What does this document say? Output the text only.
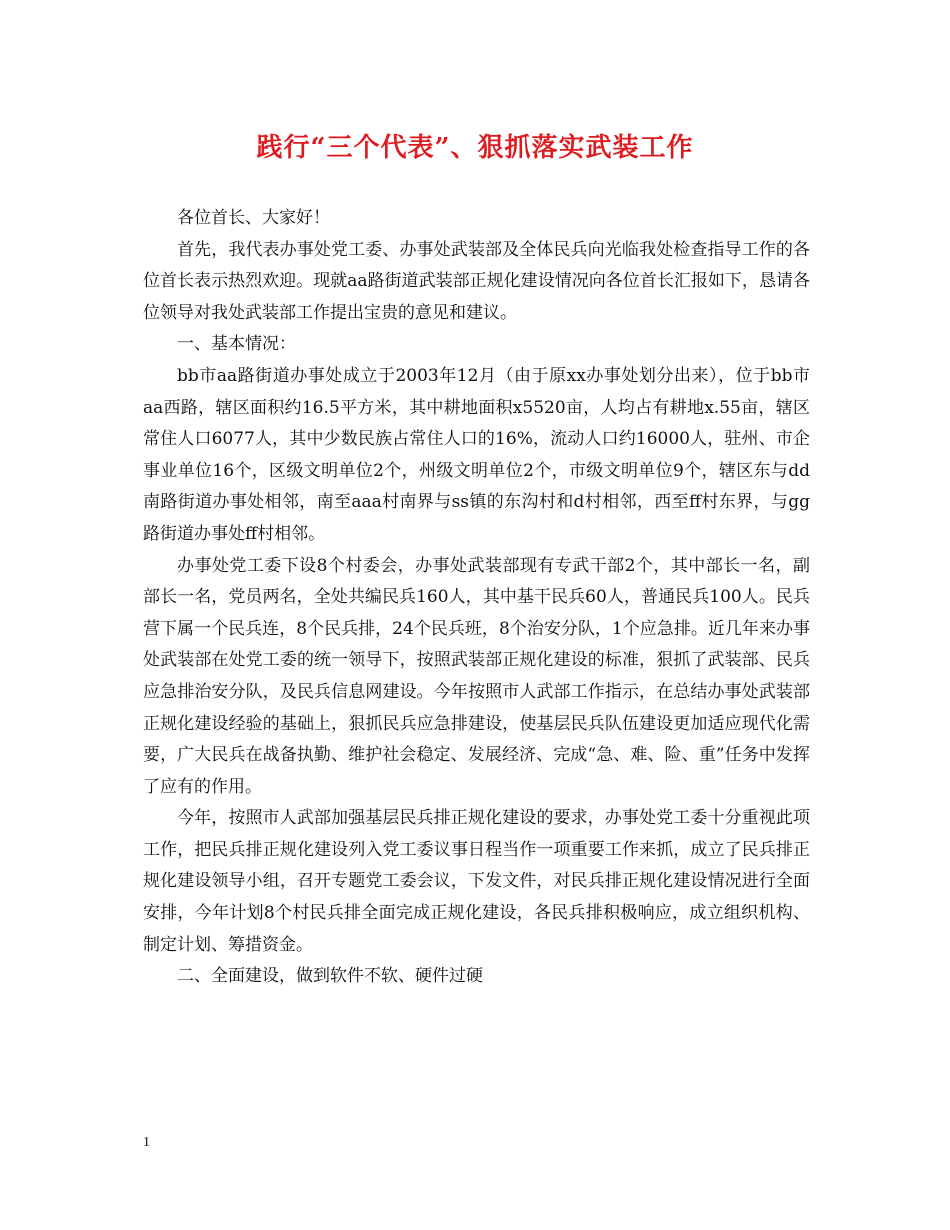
践行“三个代表”、狠抓落实武装工作

各位首长、大家好！

首先，我代表办事处党工委、办事处武装部及全体民兵向光临我处检查指导工作的各位首长表示热烈欢迎。现就aa路街道武装部正规化建设情况向各位首长汇报如下，恳请各位领导对我处武装部工作提出宝贵的意见和建议。

一、基本情况：

bb市aa路街道办事处成立于2003年12月（由于原xx办事处划分出来），位于bb市aa西路，辖区面积约16.5平方米，其中耕地面积x5520亩，人均占有耕地x.55亩，辖区常住人口6077人，其中少数民族占常住人口的16%，流动人口约16000人，驻州、市企事业单位16个，区级文明单位2个，州级文明单位2个，市级文明单位9个，辖区东与dd南路街道办事处相邻，南至aaa村南界与ss镇的东沟村和d村相邻，西至ff村东界，与gg路街道办事处ff村相邻。

办事处党工委下设8个村委会，办事处武装部现有专武干部2个，其中部长一名，副部长一名，党员两名，全处共编民兵160人，其中基干民兵60人，普通民兵100人。民兵营下属一个民兵连，8个民兵排，24个民兵班，8个治安分队，1个应急排。近几年来办事处武装部在处党工委的统一领导下，按照武装部正规化建设的标准，狠抓了武装部、民兵应急排治安分队，及民兵信息网建设。今年按照市人武部工作指示，在总结办事处武装部正规化建设经验的基础上，狠抓民兵应急排建设，使基层民兵队伍建设更加适应现代化需要，广大民兵在战备执勤、维护社会稳定、发展经济、完成“急、难、险、重”任务中发挥了应有的作用。

今年，按照市人武部加强基层民兵排正规化建设的要求，办事处党工委十分重视此项工作，把民兵排正规化建设列入党工委议事日程当作一项重要工作来抓，成立了民兵排正规化建设领导小组，召开专题党工委会议，下发文件，对民兵排正规化建设情况进行全面安排，今年计划8个村民兵排全面完成正规化建设，各民兵排积极响应，成立组织机构、制定计划、筹措资金。

二、全面建设，做到软件不软、硬件过硬

1
